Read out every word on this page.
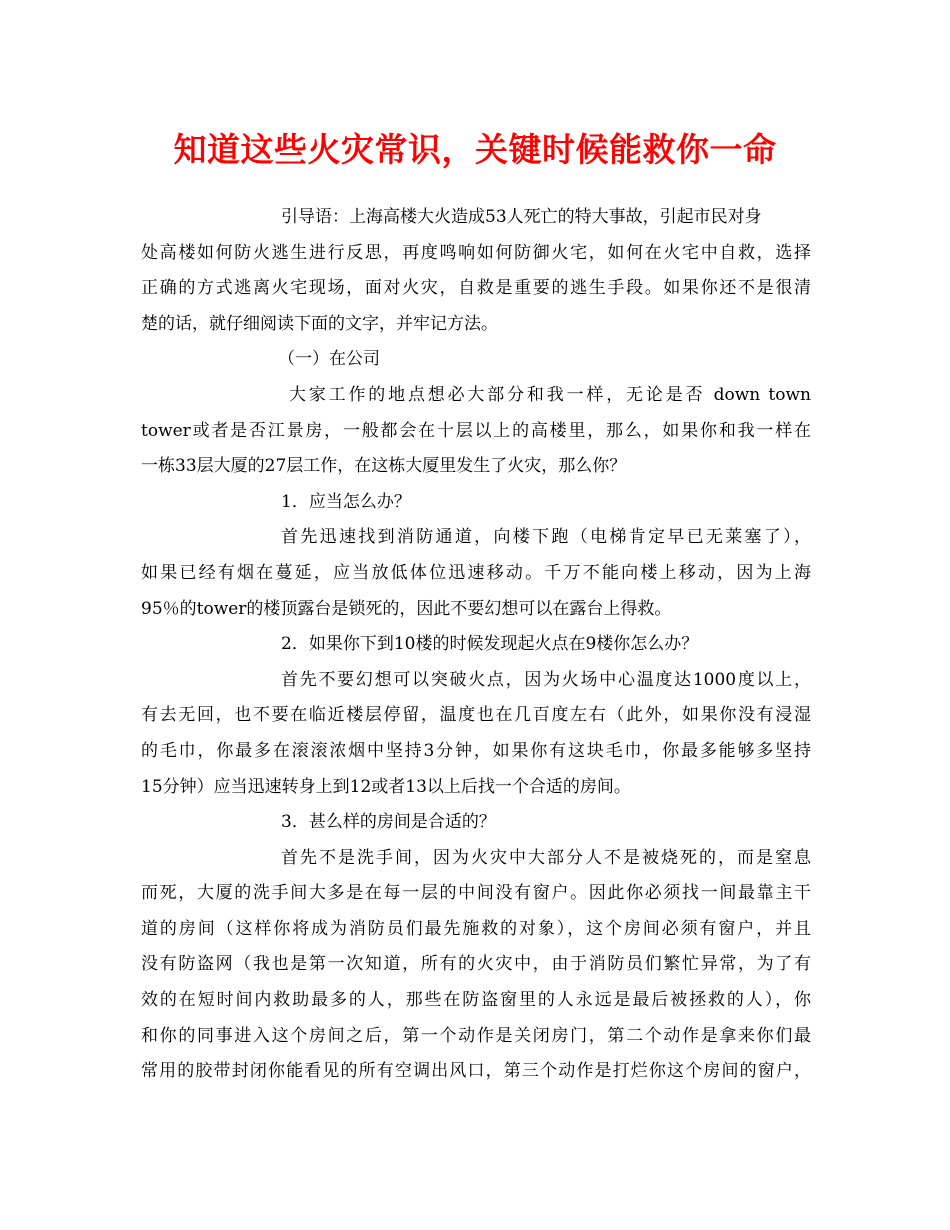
知道这些火灾常识，关键时候能救你一命
引导语：上海高楼大火造成53人死亡的特大事故，引起市民对身
处高楼如何防火逃生进行反思，再度鸣响如何防御火宅，如何在火宅中自救，选择
正确的方式逃离火宅现场，面对火灾，自救是重要的逃生手段。如果你还不是很清
楚的话，就仔细阅读下面的文字，并牢记方法。
（一）在公司
大家工作的地点想必大部分和我一样，无论是否 down town
tower或者是否江景房，一般都会在十层以上的高楼里，那么，如果你和我一样在
一栋33层大厦的27层工作，在这栋大厦里发生了火灾，那么你？
1．应当怎么办？
首先迅速找到消防通道，向楼下跑（电梯肯定早已无莱塞了），
如果已经有烟在蔓延，应当放低体位迅速移动。千万不能向楼上移动，因为上海
95％的tower的楼顶露台是锁死的，因此不要幻想可以在露台上得救。
2．如果你下到10楼的时候发现起火点在9楼你怎么办？
首先不要幻想可以突破火点，因为火场中心温度达1000度以上，
有去无回，也不要在临近楼层停留，温度也在几百度左右（此外，如果你没有浸湿
的毛巾，你最多在滚滚浓烟中坚持3分钟，如果你有这块毛巾，你最多能够多坚持
15分钟）应当迅速转身上到12或者13以上后找一个合适的房间。
3．甚么样的房间是合适的？
首先不是洗手间，因为火灾中大部分人不是被烧死的，而是窒息
而死，大厦的洗手间大多是在每一层的中间没有窗户。因此你必须找一间最靠主干
道的房间（这样你将成为消防员们最先施救的对象），这个房间必须有窗户，并且
没有防盗网（我也是第一次知道，所有的火灾中，由于消防员们繁忙异常，为了有
效的在短时间内救助最多的人，那些在防盗窗里的人永远是最后被拯救的人），你
和你的同事进入这个房间之后，第一个动作是关闭房门，第二个动作是拿来你们最
常用的胶带封闭你能看见的所有空调出风口，第三个动作是打烂你这个房间的窗户，
